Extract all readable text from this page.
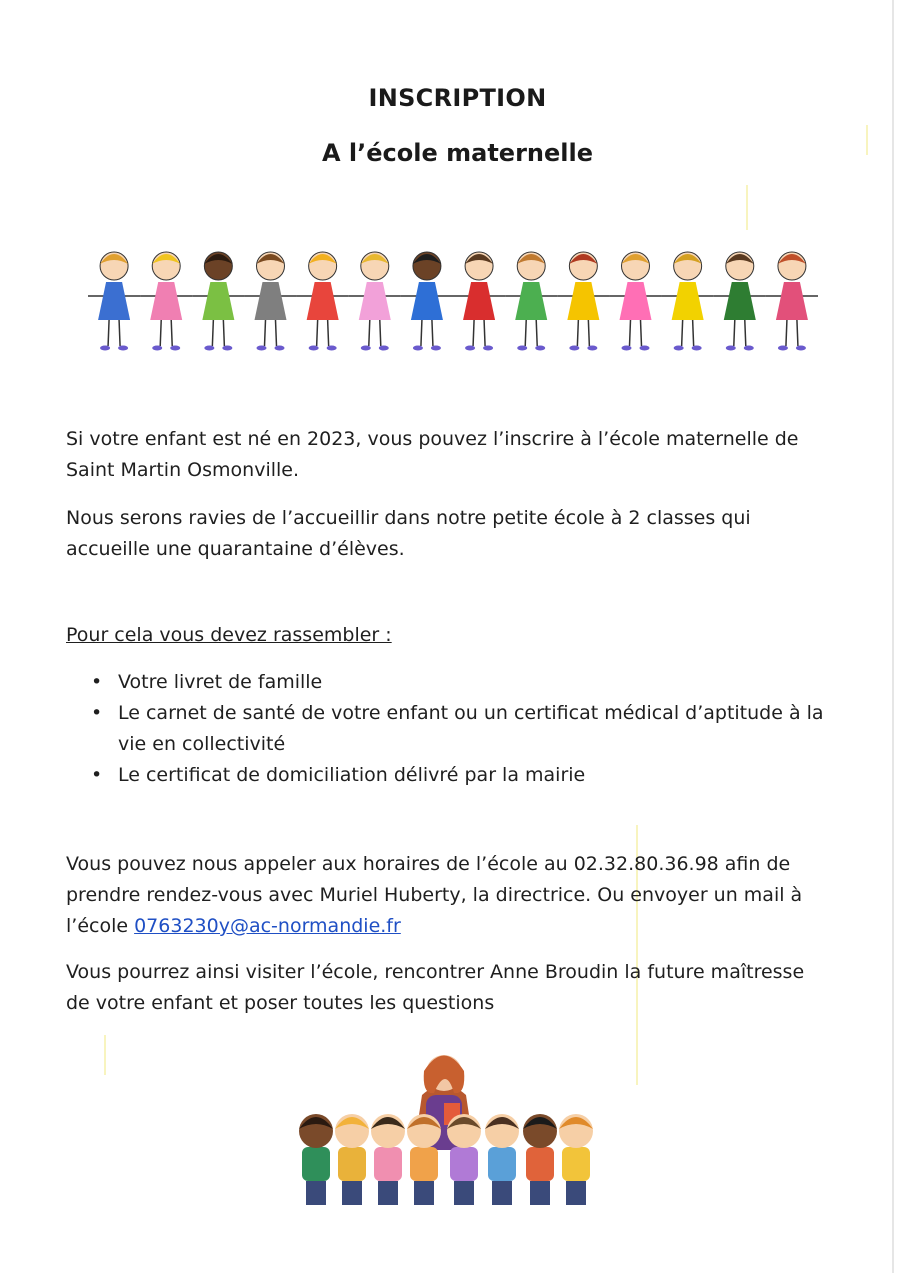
INSCRIPTION
A l’école maternelle

Si votre enfant est né en 2023, vous pouvez l’inscrire à l’école maternelle de
Saint Martin Osmonville.

Nous serons ravies de l’accueillir dans notre petite école à 2 classes qui
accueille une quarantaine d’élèves.

Pour cela vous devez rassembler :

• Votre livret de famille
• Le carnet de santé de votre enfant ou un certificat médical d’aptitude à la
vie en collectivité
• Le certificat de domiciliation délivré par la mairie

Vous pouvez nous appeler aux horaires de l’école au 02.32.80.36.98 afin de
prendre rendez-vous avec Muriel Huberty, la directrice. Ou envoyer un mail à
l’école 0763230y@ac-normandie.fr

Vous pourrez ainsi visiter l’école, rencontrer Anne Broudin la future maîtresse
de votre enfant et poser toutes les questions
